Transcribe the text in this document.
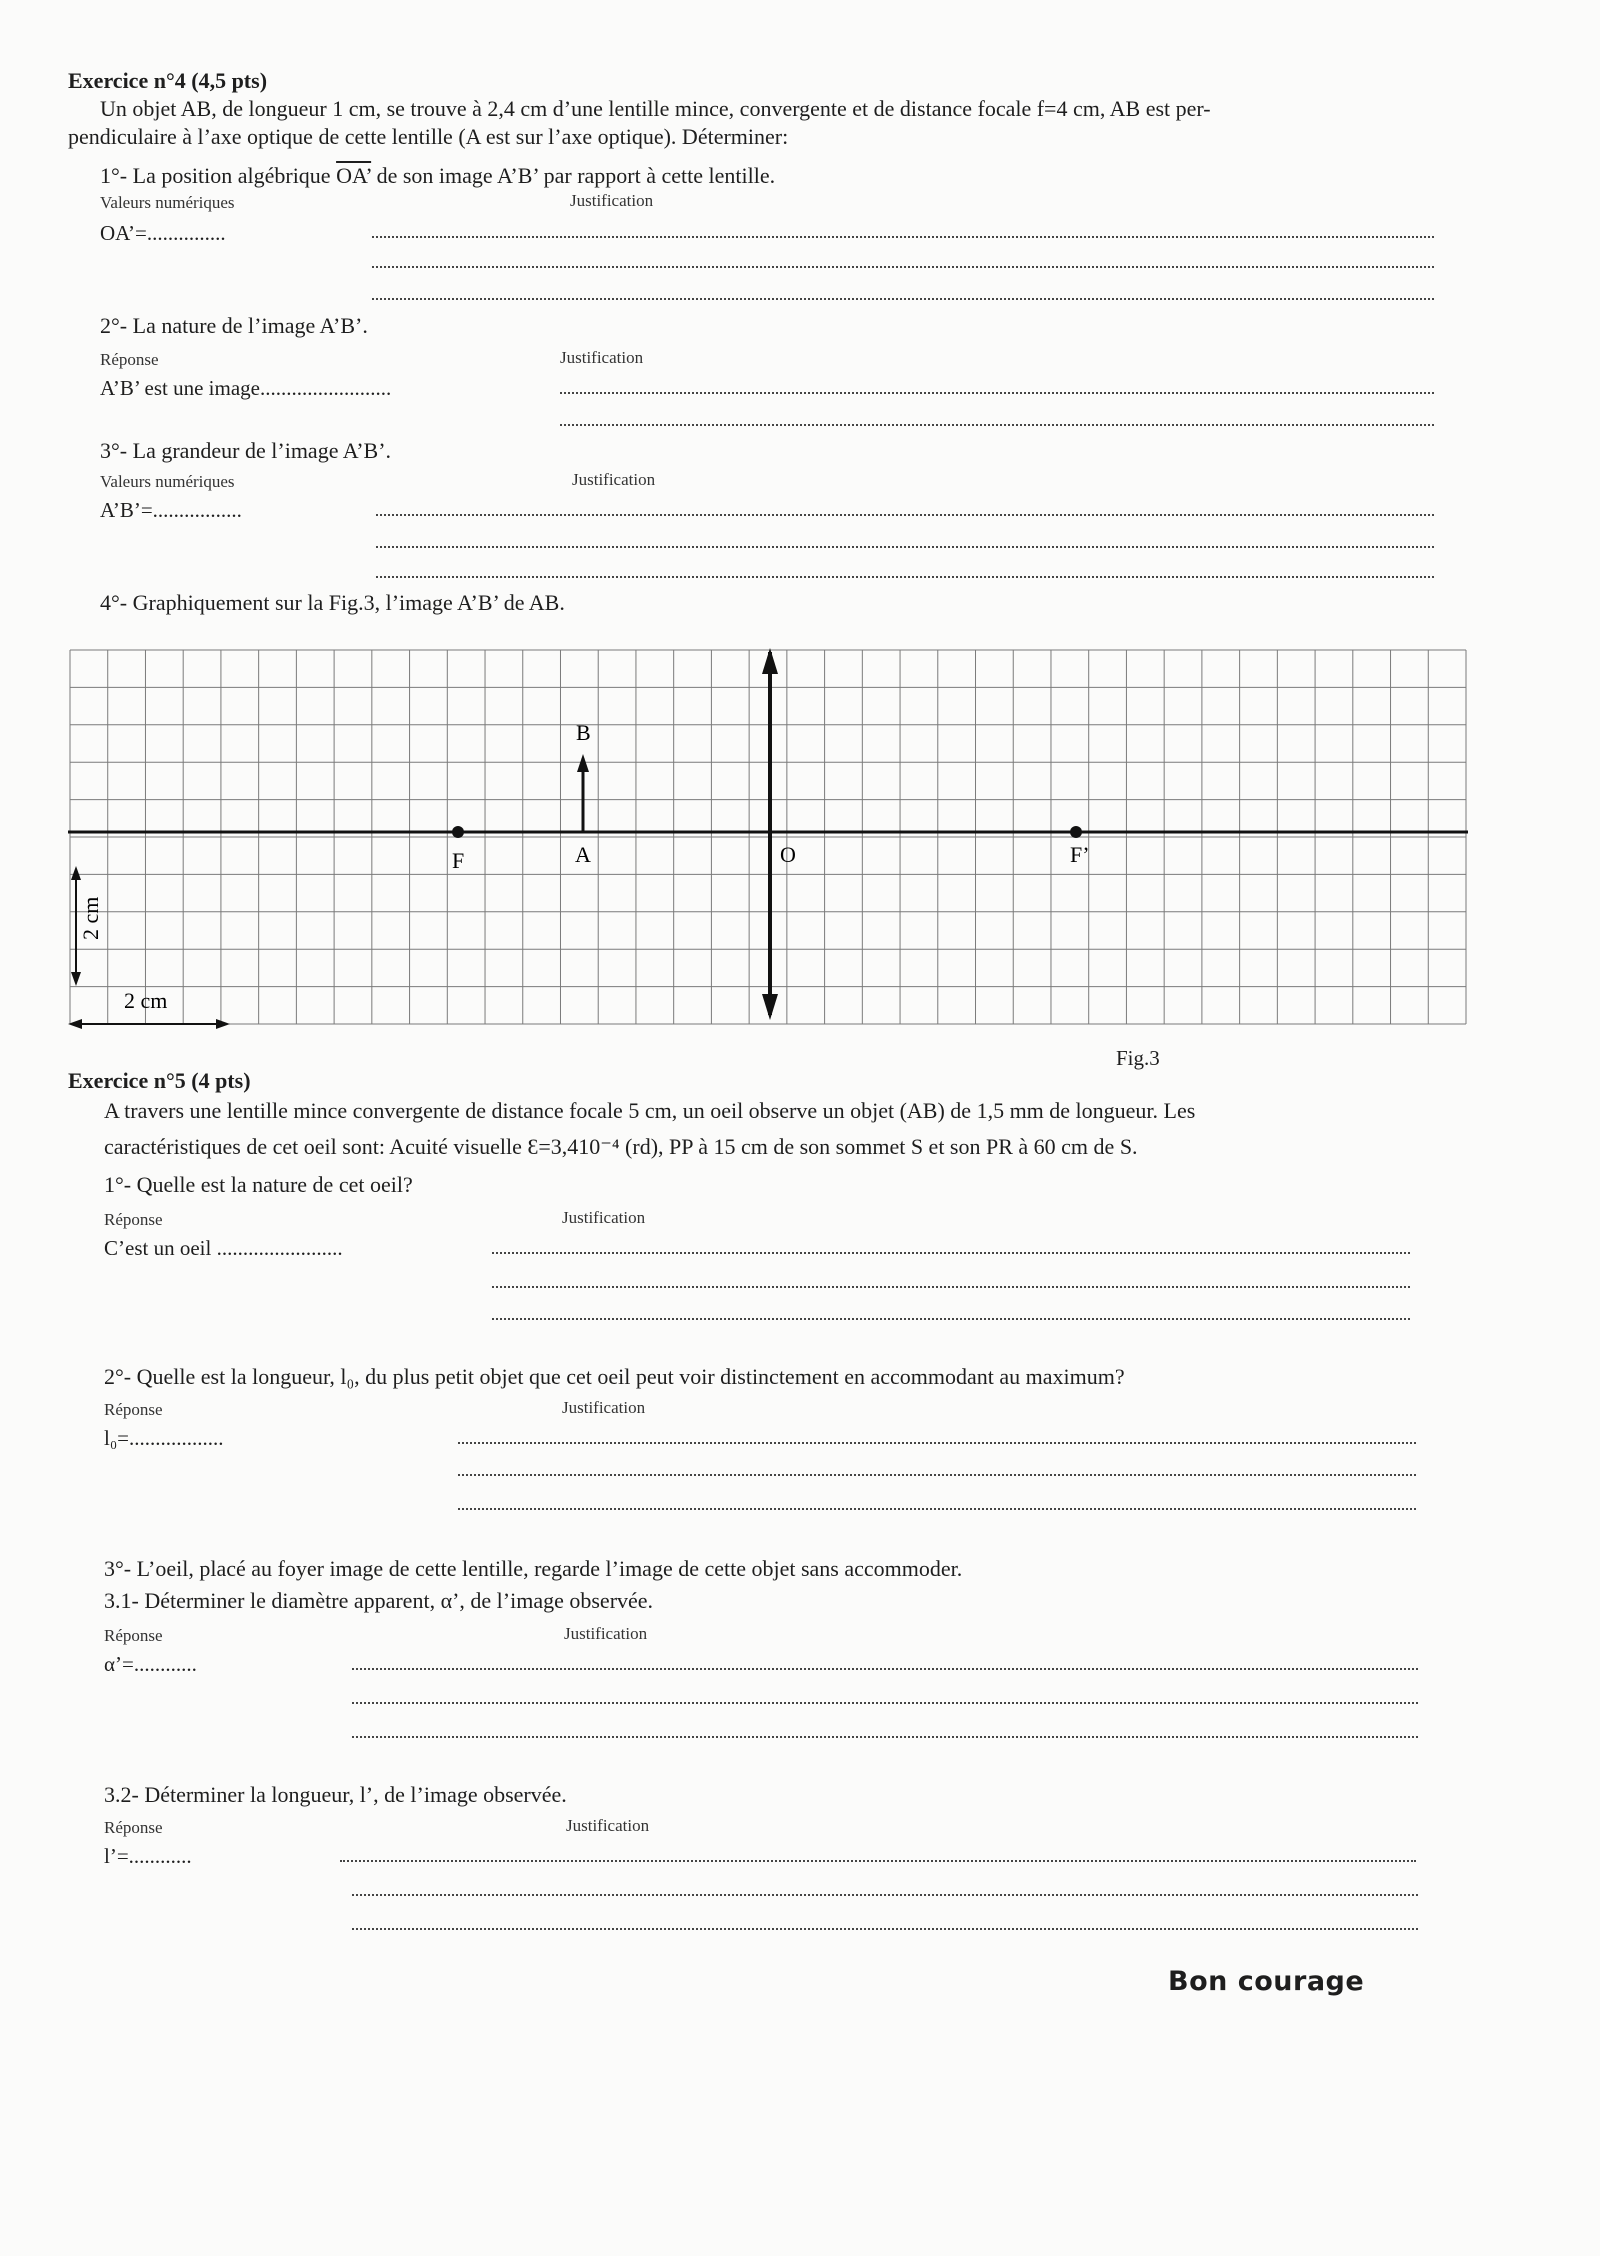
Exercice n°4 (4,5 pts)
Un objet AB, de longueur 1 cm, se trouve à 2,4 cm d’une lentille mince, convergente et de distance focale f=4 cm, AB est per-
pendiculaire à l’axe optique de cette lentille (A est sur l’axe optique). Déterminer:
1°- La position algébrique OA’ de son image A’B’ par rapport à cette lentille.
Valeurs numériques	Justification
OA’=...............
2°- La nature de l’image A’B’.
Réponse	Justification
A’B’ est une image.........................
3°- La grandeur de l’image A’B’.
Valeurs numériques	Justification
A’B’=.................
4°- Graphiquement sur la Fig.3, l’image A’B’ de AB.
B
F	A	O	F’
2 cm
2 cm
Fig.3
Exercice n°5 (4 pts)
A travers une lentille mince convergente de distance focale 5 cm, un oeil observe un objet (AB) de 1,5 mm de longueur. Les
caractéristiques de cet oeil sont: Acuité visuelle Ɛ=3,410⁻⁴ (rd), PP à 15 cm de son sommet S et son PR à 60 cm de S.
1°- Quelle est la nature de cet oeil?
Réponse	Justification
C’est un oeil ........................
2°- Quelle est la longueur, l₀, du plus petit objet que cet oeil peut voir distinctement en accommodant au maximum?
Réponse	Justification
l₀=..................
3°- L’oeil, placé au foyer image de cette lentille, regarde l’image de cette objet sans accommoder.
3.1- Déterminer le diamètre apparent, α’, de l’image observée.
Réponse	Justification
α’=............
3.2- Déterminer la longueur, l’, de l’image observée.
Réponse	Justification
l’=............
Bon courage
